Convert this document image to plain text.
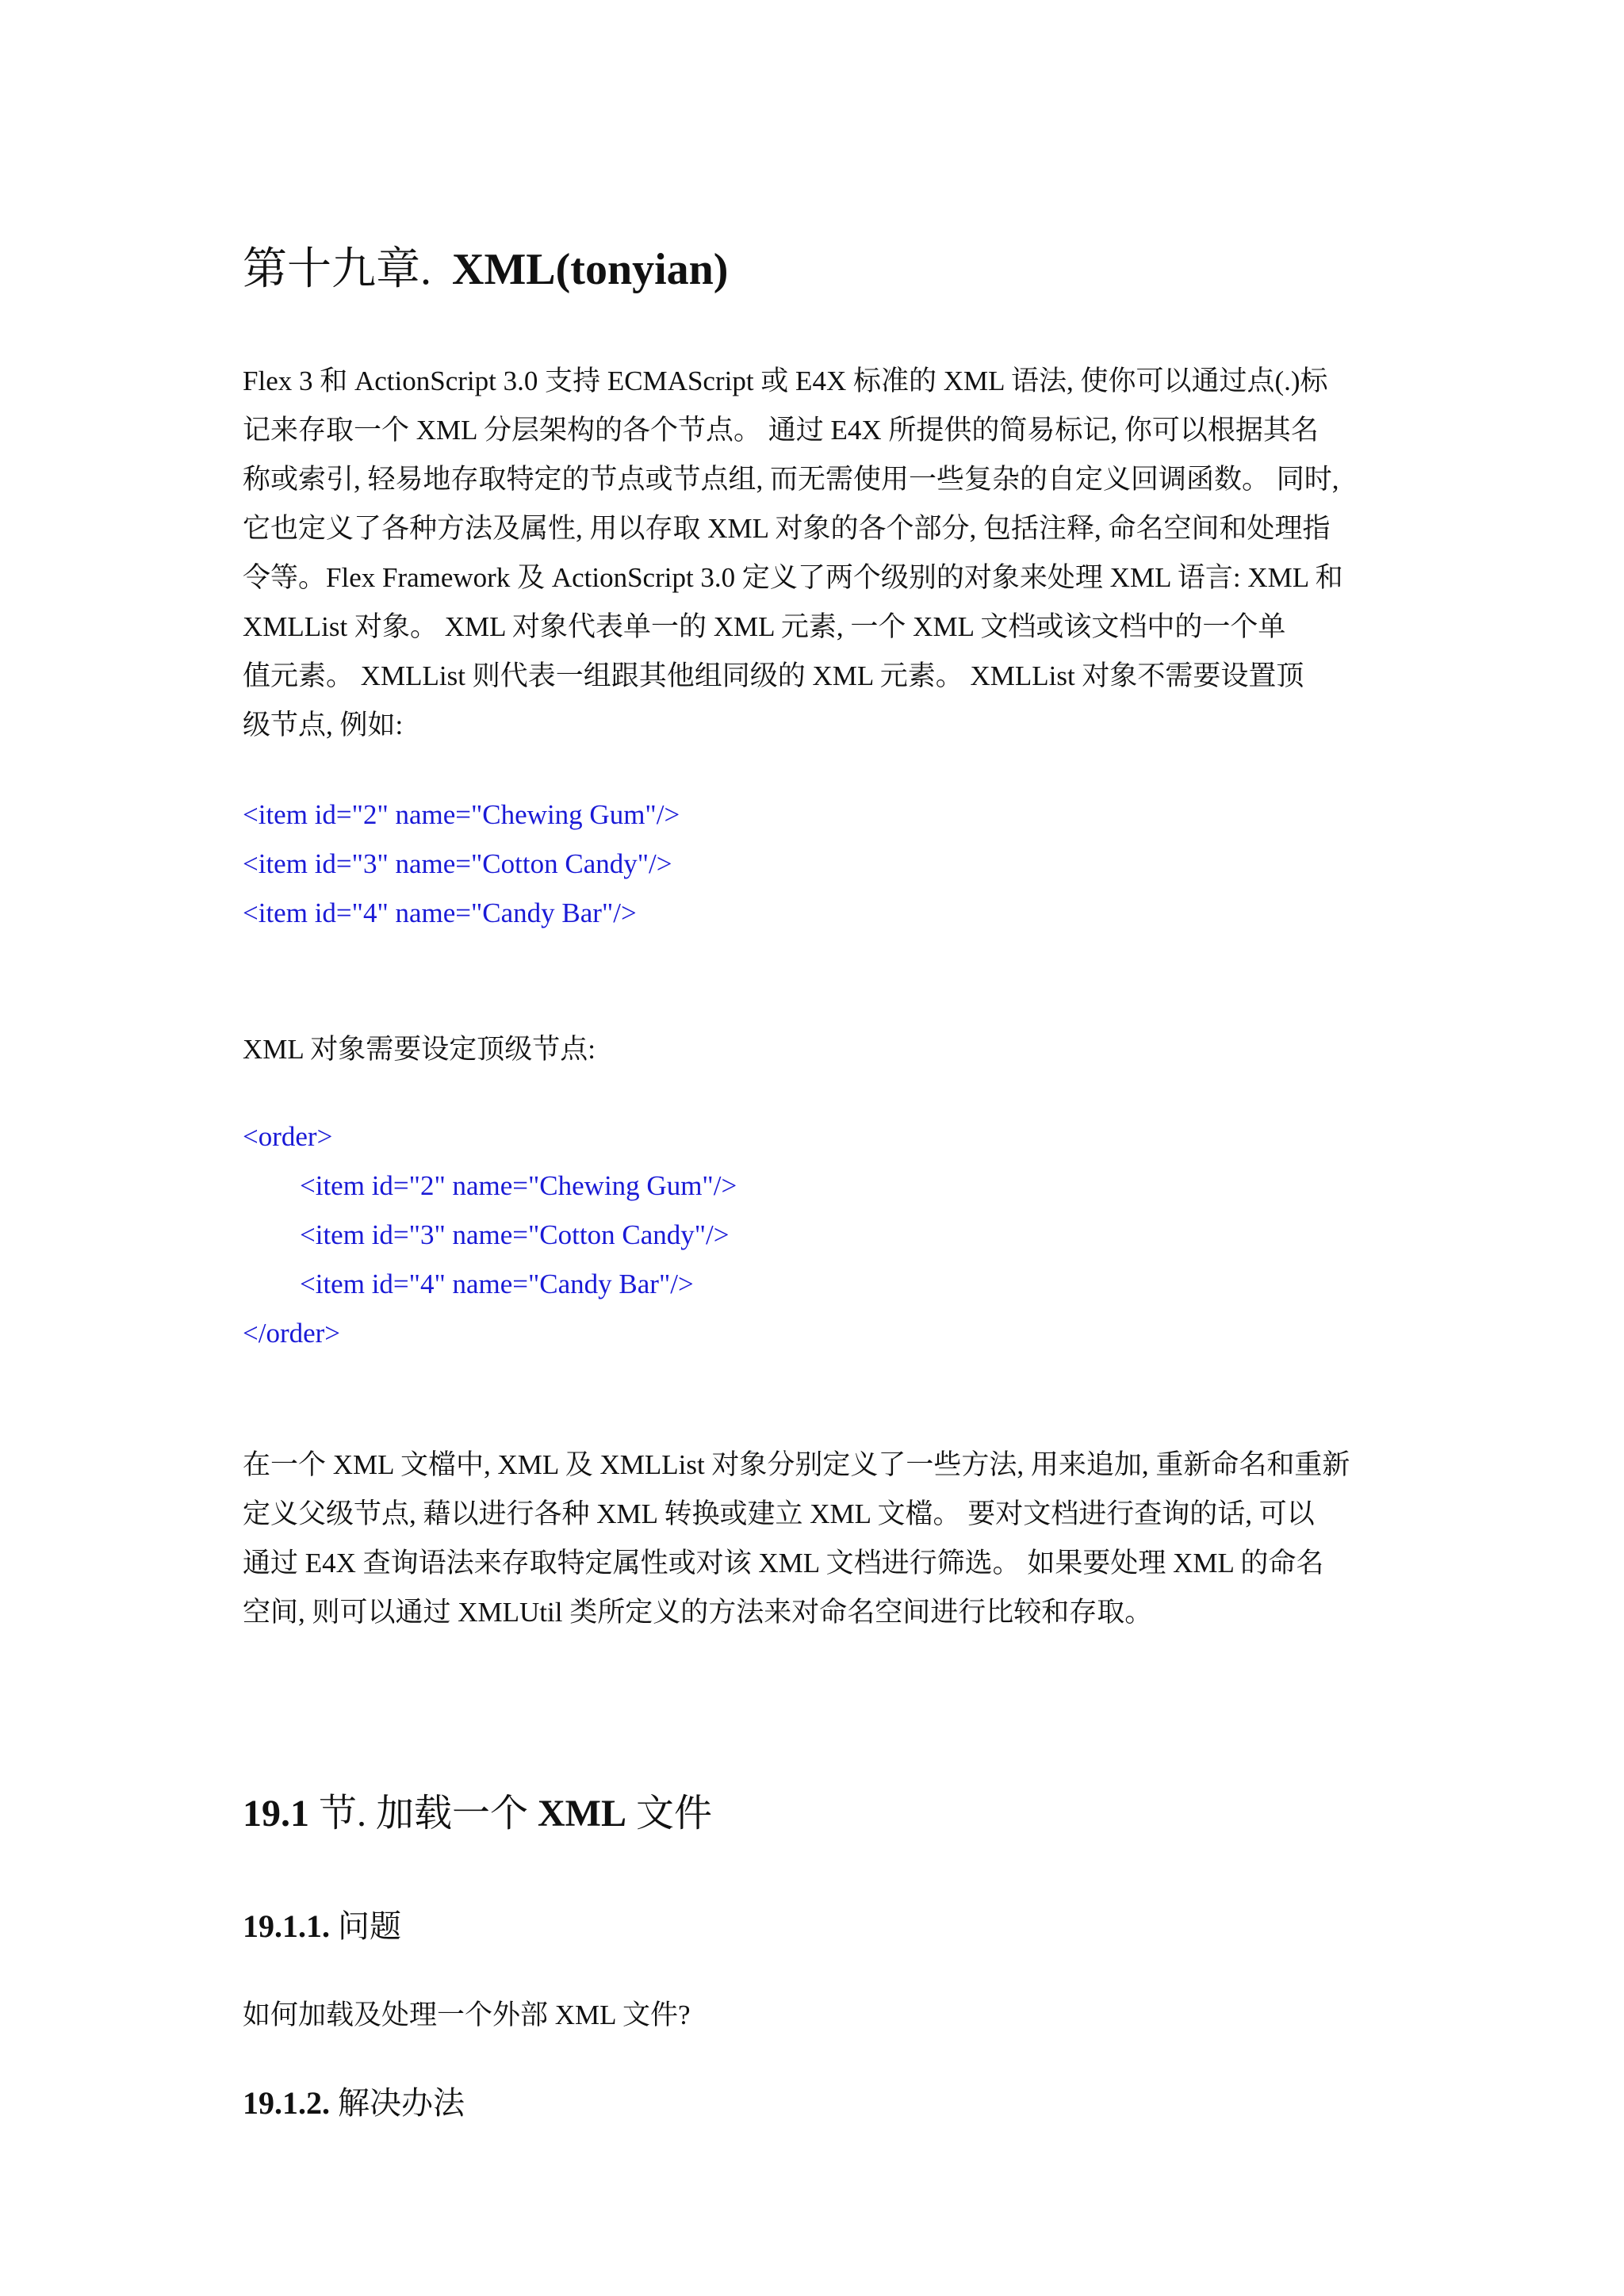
第十九章. XML(tonyian)
Flex 3 和 ActionScript 3.0 支持 ECMAScript 或 E4X 标准的 XML 语法, 使你可以通过点(.)标
记来存取一个 XML 分层架构的各个节点。 通过 E4X 所提供的简易标记, 你可以根据其名
称或索引, 轻易地存取特定的节点或节点组, 而无需使用一些复杂的自定义回调函数。 同时,
它也定义了各种方法及属性, 用以存取 XML 对象的各个部分, 包括注释, 命名空间和处理指
令等。Flex Framework 及 ActionScript 3.0 定义了两个级别的对象来处理 XML 语言: XML 和
XMLList 对象。 XML 对象代表单一的 XML 元素, 一个 XML 文档或该文档中的一个单
值元素。 XMLList 则代表一组跟其他组同级的 XML 元素。 XMLList 对象不需要设置顶
级节点, 例如:
<item id="2" name="Chewing Gum"/>
<item id="3" name="Cotton Candy"/>
<item id="4" name="Candy Bar"/>
XML 对象需要设定顶级节点:
<order>
<item id="2" name="Chewing Gum"/>
<item id="3" name="Cotton Candy"/>
<item id="4" name="Candy Bar"/>
</order>
在一个 XML 文檔中, XML 及 XMLList 对象分别定义了一些方法, 用来追加, 重新命名和重新
定义父级节点, 藉以进行各种 XML 转换或建立 XML 文檔。 要对文档进行查询的话, 可以
通过 E4X 查询语法来存取特定属性或对该 XML 文档进行筛选。 如果要处理 XML 的命名
空间, 则可以通过 XMLUtil 类所定义的方法来对命名空间进行比较和存取。
19.1 节. 加载一个 XML 文件
19.1.1. 问题
如何加载及处理一个外部 XML 文件?
19.1.2. 解决办法
